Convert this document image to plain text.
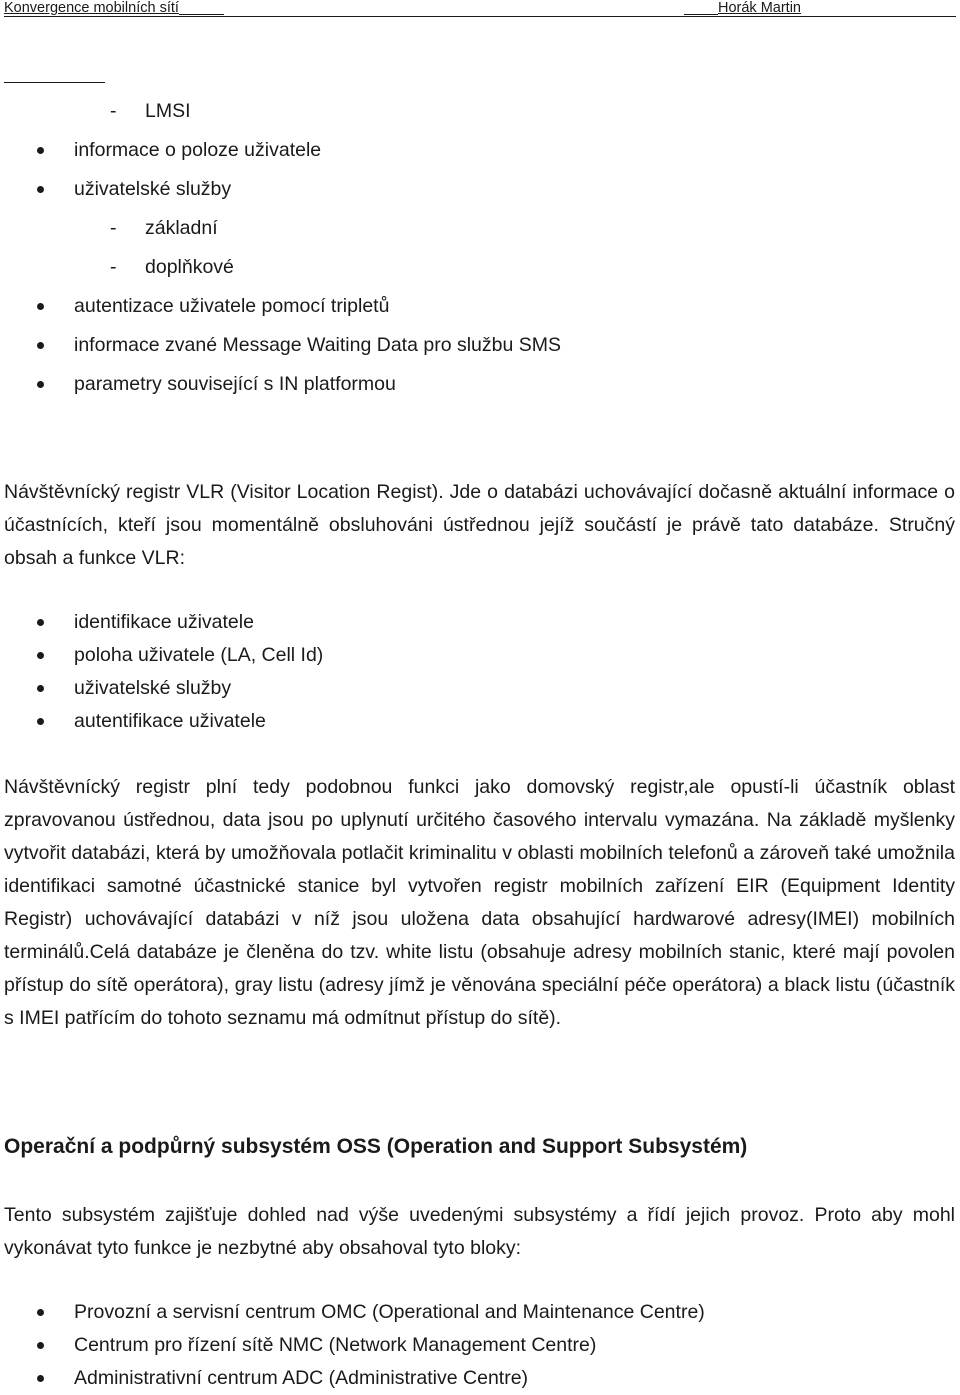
Konvergence mobilních sítí	Horák Martin
- LMSI
informace o poloze uživatele
uživatelské služby
- základní
- doplňkové
autentizace uživatele pomocí tripletů
informace zvané Message Waiting Data pro službu SMS
parametry související s IN platformou

Návštěvnícký registr VLR (Visitor Location Regist). Jde o databázi uchovávající dočasně aktuální informace o účastnících, kteří jsou momentálně obsluhováni ústřednou jejíž součástí je právě tato databáze. Stručný obsah a funkce VLR:

identifikace uživatele
poloha uživatele (LA, Cell Id)
uživatelské služby
autentifikace uživatele

Návštěvnícký registr plní tedy podobnou funkci jako domovský registr,ale opustí-li účastník oblast zpravovanou ústřednou, data jsou po uplynutí určitého časového intervalu vymazána. Na základě myšlenky vytvořit databázi, která by umožňovala potlačit kriminalitu v oblasti mobilních telefonů a zároveň také umožnila identifikaci samotné účastnické stanice byl vytvořen registr mobilních zařízení EIR (Equipment Identity Registr) uchovávající databázi v níž jsou uložena data obsahující hardwarové adresy(IMEI) mobilních terminálů.Celá databáze je členěna do tzv. white listu (obsahuje adresy mobilních stanic, které mají povolen přístup do sítě operátora), gray listu (adresy jímž je věnována speciální péče operátora) a black listu (účastník s IMEI patřícím do tohoto seznamu má odmítnut přístup do sítě).

Operační a podpůrný subsystém OSS (Operation and Support Subsystém)

Tento subsystém zajišťuje dohled nad výše uvedenými subsystémy a řídí jejich provoz. Proto aby mohl vykonávat tyto funkce je nezbytné aby obsahoval tyto bloky:

Provozní a servisní centrum OMC (Operational and Maintenance Centre)
Centrum pro řízení sítě NMC (Network Management Centre)
Administrativní centrum ADC (Administrative Centre)
